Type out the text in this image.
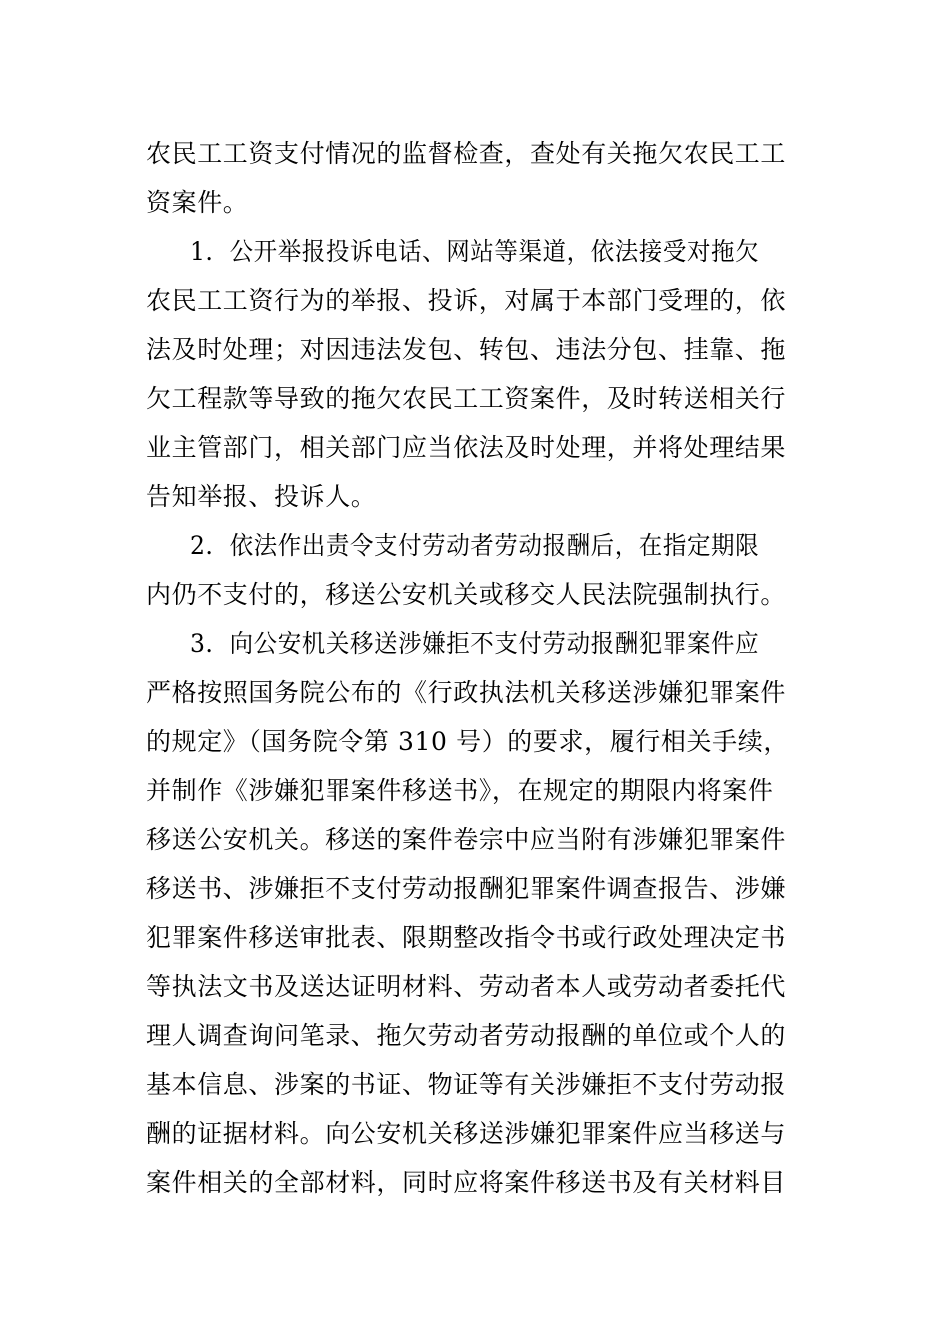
农民工工资支付情况的监督检查，查处有关拖欠农民工工
资案件。
1．公开举报投诉电话、网站等渠道，依法接受对拖欠
农民工工资行为的举报、投诉，对属于本部门受理的，依
法及时处理；对因违法发包、转包、违法分包、挂靠、拖
欠工程款等导致的拖欠农民工工资案件，及时转送相关行
业主管部门，相关部门应当依法及时处理，并将处理结果
告知举报、投诉人。
2．依法作出责令支付劳动者劳动报酬后，在指定期限
内仍不支付的，移送公安机关或移交人民法院强制执行。
3．向公安机关移送涉嫌拒不支付劳动报酬犯罪案件应
严格按照国务院公布的《行政执法机关移送涉嫌犯罪案件
的规定》（国务院令第 310 号）的要求，履行相关手续，
并制作《涉嫌犯罪案件移送书》，在规定的期限内将案件
移送公安机关。移送的案件卷宗中应当附有涉嫌犯罪案件
移送书、涉嫌拒不支付劳动报酬犯罪案件调查报告、涉嫌
犯罪案件移送审批表、限期整改指令书或行政处理决定书
等执法文书及送达证明材料、劳动者本人或劳动者委托代
理人调查询问笔录、拖欠劳动者劳动报酬的单位或个人的
基本信息、涉案的书证、物证等有关涉嫌拒不支付劳动报
酬的证据材料。向公安机关移送涉嫌犯罪案件应当移送与
案件相关的全部材料，同时应将案件移送书及有关材料目
